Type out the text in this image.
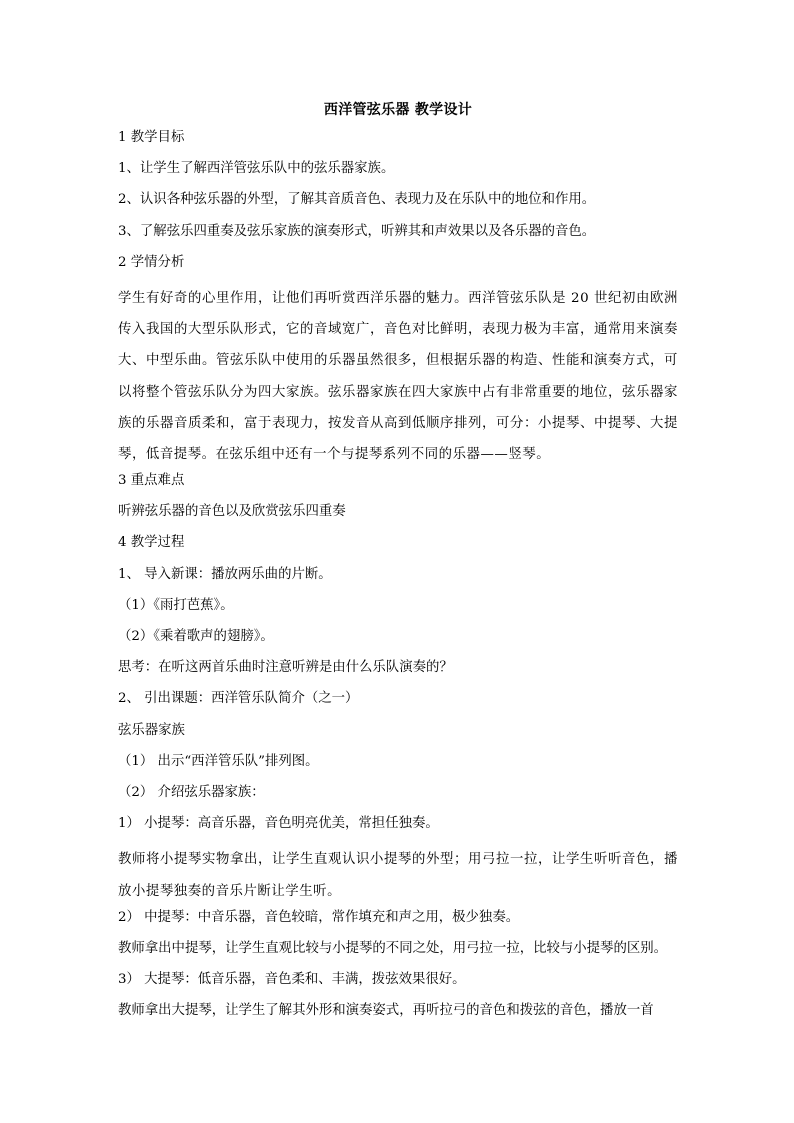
西洋管弦乐器 教学设计
1 教学目标
1、让学生了解西洋管弦乐队中的弦乐器家族。
2、认识各种弦乐器的外型，了解其音质音色、表现力及在乐队中的地位和作用。
3、了解弦乐四重奏及弦乐家族的演奏形式，听辨其和声效果以及各乐器的音色。
2 学情分析
学生有好奇的心里作用，让他们再听赏西洋乐器的魅力。西洋管弦乐队是 20 世纪初由欧洲
传入我国的大型乐队形式，它的音域宽广，音色对比鲜明，表现力极为丰富，通常用来演奏
大、中型乐曲。管弦乐队中使用的乐器虽然很多，但根据乐器的构造、性能和演奏方式，可
以将整个管弦乐队分为四大家族。弦乐器家族在四大家族中占有非常重要的地位，弦乐器家
族的乐器音质柔和，富于表现力，按发音从高到低顺序排列，可分：小提琴、中提琴、大提
琴，低音提琴。在弦乐组中还有一个与提琴系列不同的乐器——竖琴。
3 重点难点
听辨弦乐器的音色以及欣赏弦乐四重奏
4 教学过程
1、 导入新课：播放两乐曲的片断。
（1）《雨打芭蕉》。
（2）《乘着歌声的翅膀》。
思考：在听这两首乐曲时注意听辨是由什么乐队演奏的？
2、 引出课题：西洋管乐队简介（之一）
弦乐器家族
（1） 出示“西洋管乐队”排列图。
（2） 介绍弦乐器家族：
1） 小提琴：高音乐器，音色明亮优美，常担任独奏。
教师将小提琴实物拿出，让学生直观认识小提琴的外型；用弓拉一拉，让学生听听音色，播
放小提琴独奏的音乐片断让学生听。
2） 中提琴：中音乐器，音色较暗，常作填充和声之用，极少独奏。
教师拿出中提琴，让学生直观比较与小提琴的不同之处，用弓拉一拉，比较与小提琴的区别。
3） 大提琴：低音乐器，音色柔和、丰满，拨弦效果很好。
教师拿出大提琴，让学生了解其外形和演奏姿式，再听拉弓的音色和拨弦的音色，播放一首
